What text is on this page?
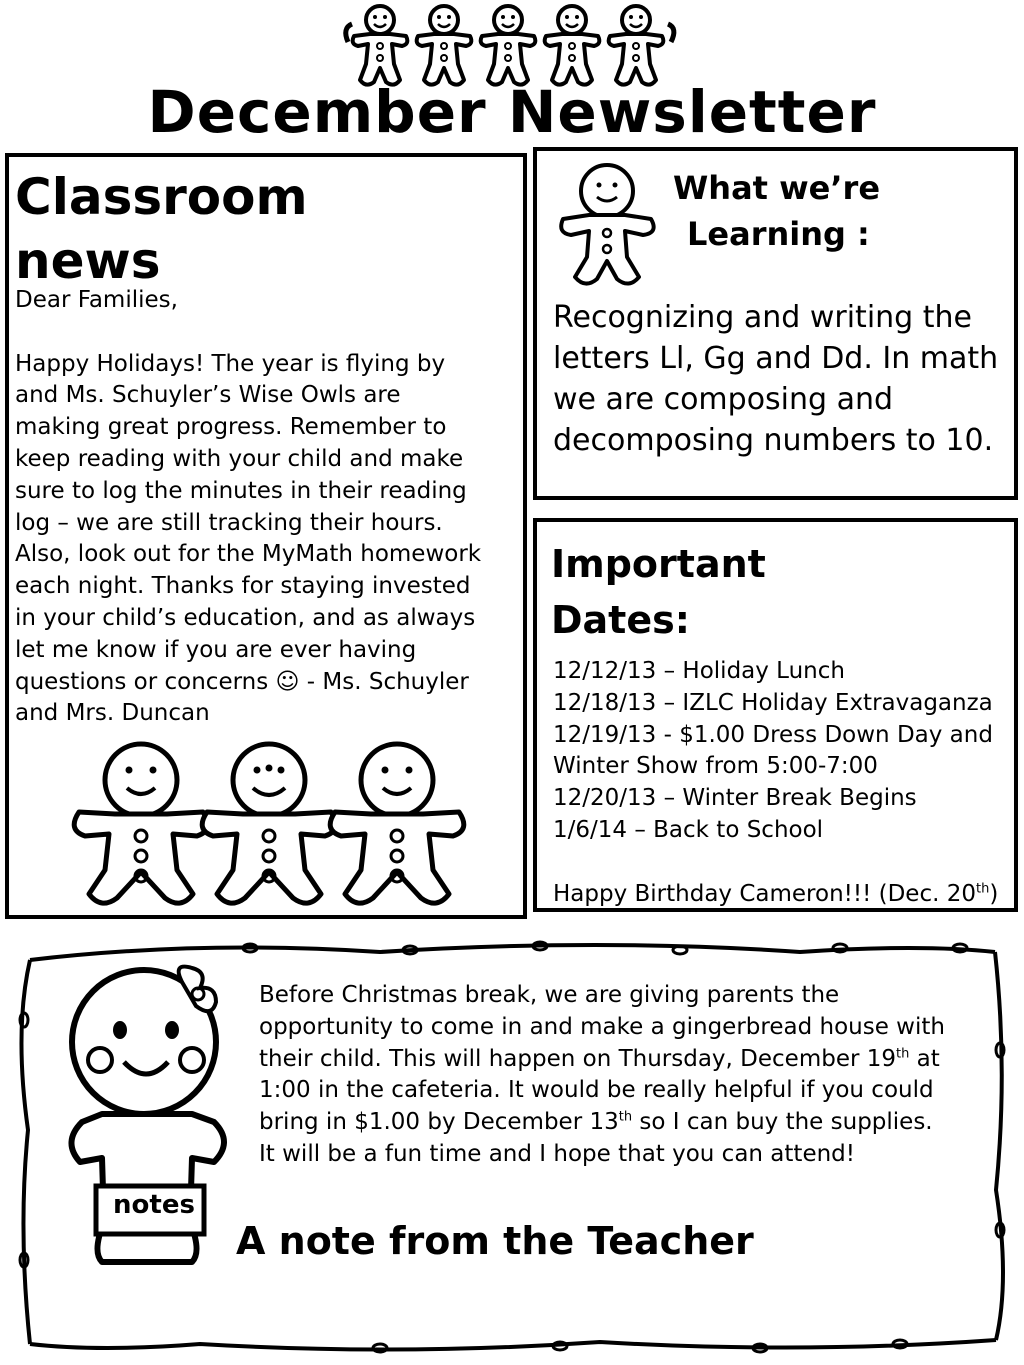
December Newsletter
Classroom
news
Dear Families,
Happy Holidays! The year is flying by and Ms. Schuyler’s Wise Owls are making great progress. Remember to keep reading with your child and make sure to log the minutes in their reading log – we are still tracking their hours. Also, look out for the MyMath homework each night. Thanks for staying invested in your child’s education, and as always let me know if you are ever having questions or concerns ☺ - Ms. Schuyler and Mrs. Duncan
What we’re
Learning :
Recognizing and writing the letters Ll, Gg and Dd. In math we are composing and decomposing numbers to 10.
Important
Dates:
12/12/13 – Holiday Lunch
12/18/13 – IZLC Holiday Extravaganza
12/19/13 - $1.00 Dress Down Day and Winter Show from 5:00-7:00
12/20/13 – Winter Break Begins
1/6/14 – Back to School
Happy Birthday Cameron!!! (Dec. 20th)
notes
Before Christmas break, we are giving parents the opportunity to come in and make a gingerbread house with their child. This will happen on Thursday, December 19th at 1:00 in the cafeteria. It would be really helpful if you could bring in $1.00 by December 13th so I can buy the supplies. It will be a fun time and I hope that you can attend!
A note from the Teacher
